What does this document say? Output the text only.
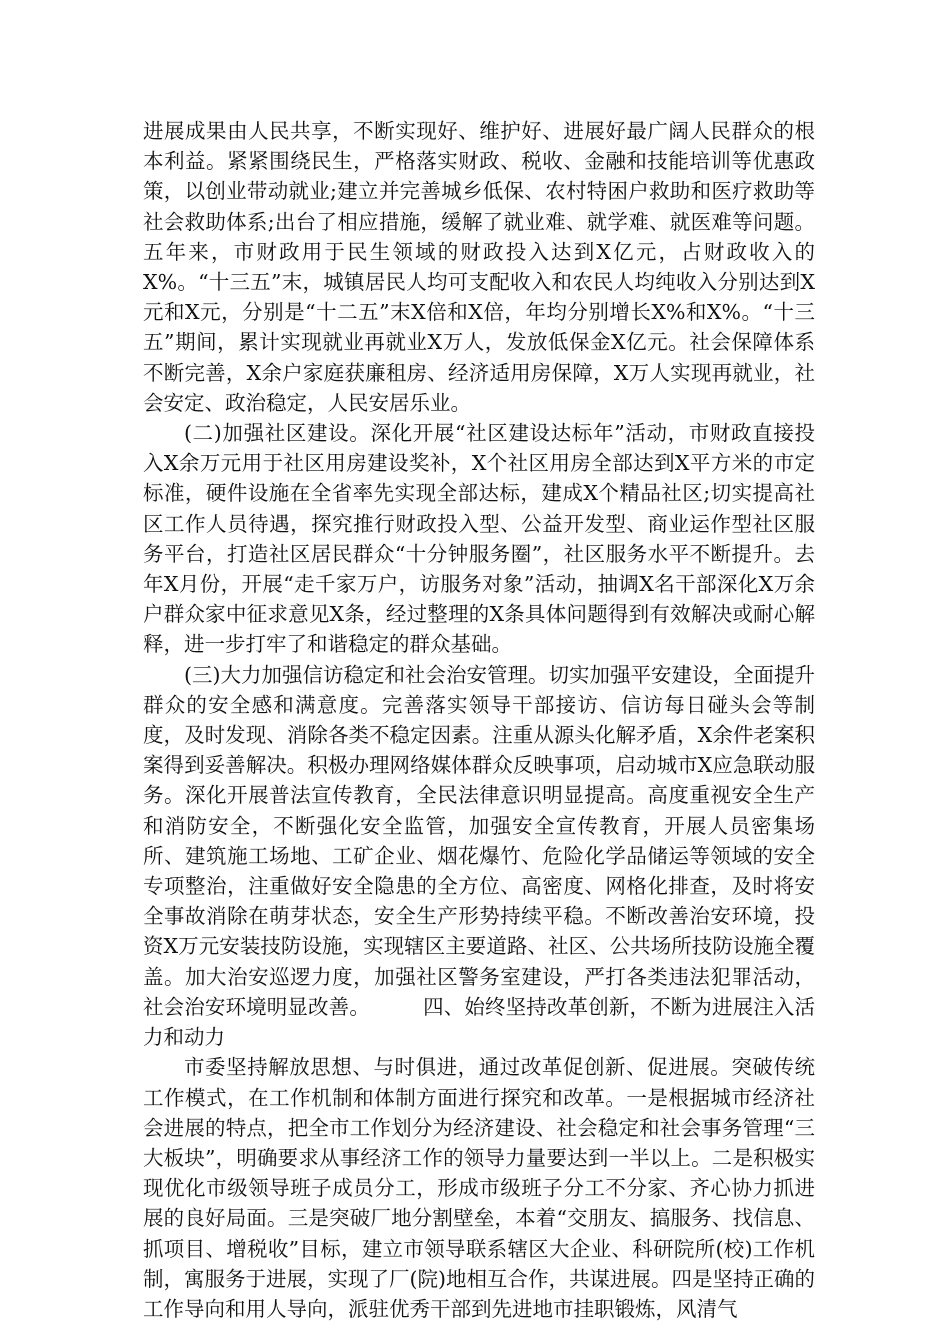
进展成果由人民共享，不断实现好、维护好、进展好最广阔人民群众的根本利益。紧紧围绕民生，严格落实财政、税收、金融和技能培训等优惠政策，以创业带动就业;建立并完善城乡低保、农村特困户救助和医疗救助等社会救助体系;出台了相应措施，缓解了就业难、就学难、就医难等问题。五年来，市财政用于民生领域的财政投入达到X亿元，占财政收入的X%。“十三五”末，城镇居民人均可支配收入和农民人均纯收入分别达到X元和X元，分别是“十二五”末X倍和X倍，年均分别增长X%和X%。“十三五”期间，累计实现就业再就业X万人，发放低保金X亿元。社会保障体系不断完善，X余户家庭获廉租房、经济适用房保障，X万人实现再就业，社会安定、政治稳定，人民安居乐业。

(二)加强社区建设。深化开展“社区建设达标年”活动，市财政直接投入X余万元用于社区用房建设奖补，X个社区用房全部达到X平方米的市定标准，硬件设施在全省率先实现全部达标，建成X个精品社区;切实提高社区工作人员待遇，探究推行财政投入型、公益开发型、商业运作型社区服务平台，打造社区居民群众“十分钟服务圈”，社区服务水平不断提升。去年X月份，开展“走千家万户，访服务对象”活动，抽调X名干部深化X万余户群众家中征求意见X条，经过整理的X条具体问题得到有效解决或耐心解释，进一步打牢了和谐稳定的群众基础。

(三)大力加强信访稳定和社会治安管理。切实加强平安建设，全面提升群众的安全感和满意度。完善落实领导干部接访、信访每日碰头会等制度，及时发现、消除各类不稳定因素。注重从源头化解矛盾，X余件老案积案得到妥善解决。积极办理网络媒体群众反映事项，启动城市X应急联动服务。深化开展普法宣传教育，全民法律意识明显提高。高度重视安全生产和消防安全，不断强化安全监管，加强安全宣传教育，开展人员密集场所、建筑施工场地、工矿企业、烟花爆竹、危险化学品储运等领域的安全专项整治，注重做好安全隐患的全方位、高密度、网格化排查，及时将安全事故消除在萌芽状态，安全生产形势持续平稳。不断改善治安环境，投资X万元安装技防设施，实现辖区主要道路、社区、公共场所技防设施全覆盖。加大治安巡逻力度，加强社区警务室建设，严打各类违法犯罪活动，社会治安环境明显改善。	四、始终坚持改革创新，不断为进展注入活力和动力

市委坚持解放思想、与时俱进，通过改革促创新、促进展。突破传统工作模式，在工作机制和体制方面进行探究和改革。一是根据城市经济社会进展的特点，把全市工作划分为经济建设、社会稳定和社会事务管理“三大板块”，明确要求从事经济工作的领导力量要达到一半以上。二是积极实现优化市级领导班子成员分工，形成市级班子分工不分家、齐心协力抓进展的良好局面。三是突破厂地分割壁垒，本着“交朋友、搞服务、找信息、抓项目、增税收”目标，建立市领导联系辖区大企业、科研院所(校)工作机制，寓服务于进展，实现了厂(院)地相互合作，共谋进展。四是坚持正确的工作导向和用人导向，派驻优秀干部到先进地市挂职锻炼，风清气
